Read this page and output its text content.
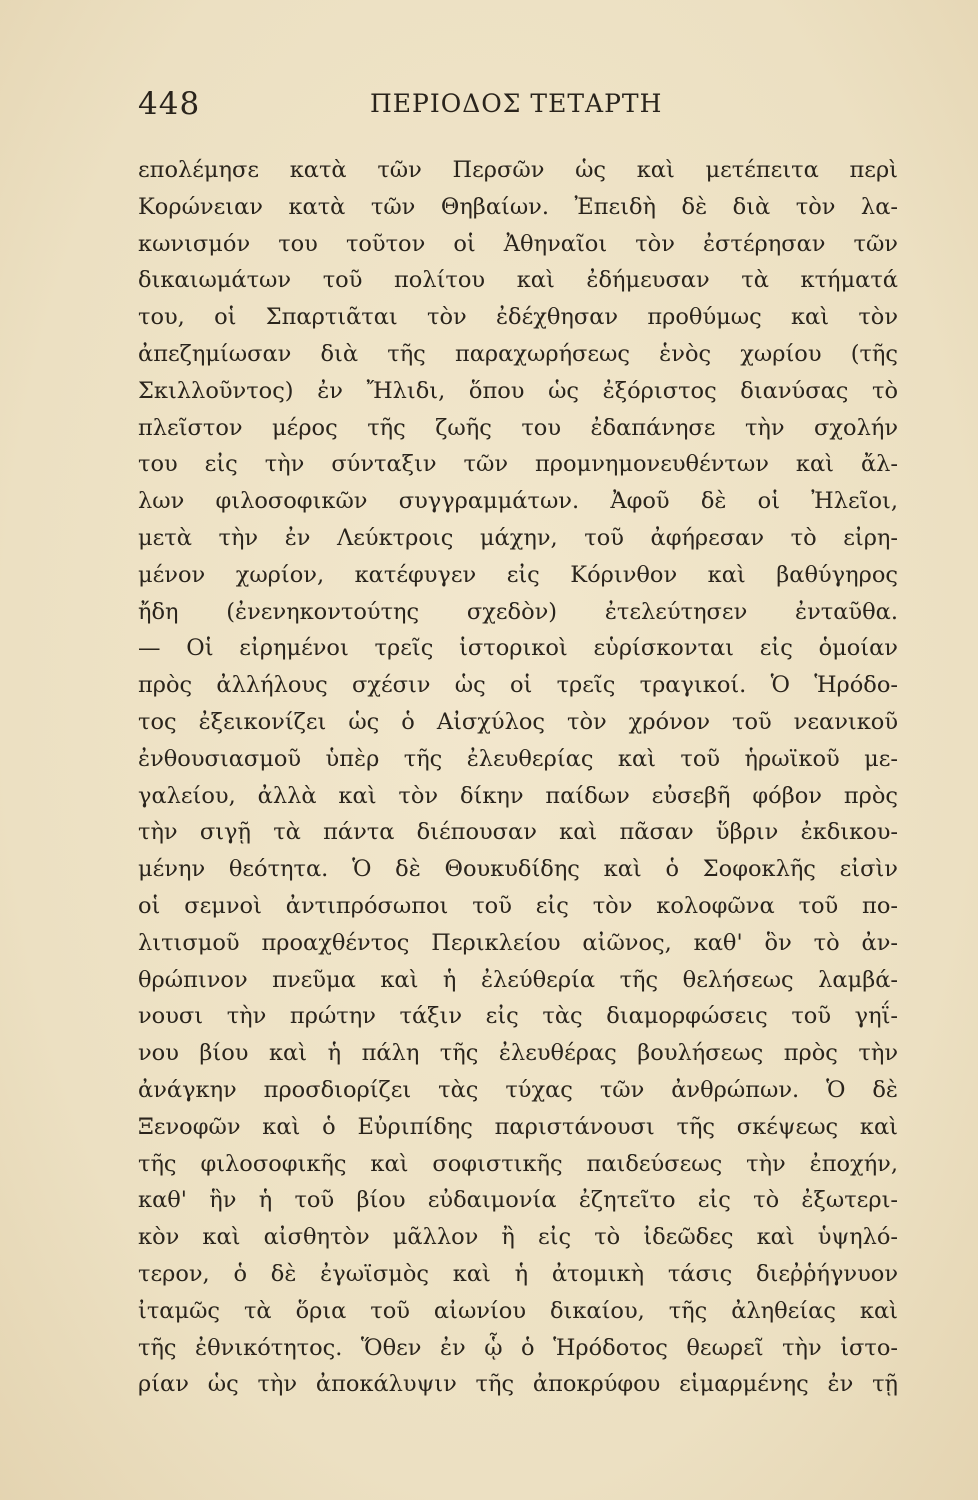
448	ΠΕΡΙΟΔΟΣ ΤΕΤΑΡΤΗ
επολέμησε κατὰ τῶν Περσῶν ὡς καὶ μετέπειτα περὶ
Κορώνειαν κατὰ τῶν Θηβαίων. Ἐπειδὴ δὲ διὰ τὸν λα-
κωνισμόν του τοῦτον οἱ Ἀθηναῖοι τὸν ἐστέρησαν τῶν
δικαιωμάτων τοῦ πολίτου καὶ ἐδήμευσαν τὰ κτήματά
του, οἱ Σπαρτιᾶται τὸν ἐδέχθησαν προθύμως καὶ τὸν
ἀπεζημίωσαν διὰ τῆς παραχωρήσεως ἑνὸς χωρίου (τῆς
Σκιλλοῦντος) ἐν Ἤλιδι, ὅπου ὡς ἐξόριστος διανύσας τὸ
πλεῖστον μέρος τῆς ζωῆς του ἐδαπάνησε τὴν σχολήν
του εἰς τὴν σύνταξιν τῶν προμνημονευθέντων καὶ ἄλ-
λων φιλοσοφικῶν συγγραμμάτων. Ἀφοῦ δὲ οἱ Ἠλεῖοι,
μετὰ τὴν ἐν Λεύκτροις μάχην, τοῦ ἀφήρεσαν τὸ εἰρη-
μένον χωρίον, κατέφυγεν εἰς Κόρινθον καὶ βαθύγηρος
ἤδη (ἐνενηκοντούτης σχεδὸν) ἐτελεύτησεν ἐνταῦθα.
— Οἱ εἰρημένοι τρεῖς ἱστορικοὶ εὑρίσκονται εἰς ὁμοίαν
πρὸς ἀλλήλους σχέσιν ὡς οἱ τρεῖς τραγικοί. Ὁ Ἡρόδο-
τος ἐξεικονίζει ὡς ὁ Αἰσχύλος τὸν χρόνον τοῦ νεανικοῦ
ἐνθουσιασμοῦ ὑπὲρ τῆς ἐλευθερίας καὶ τοῦ ἡρωϊκοῦ με-
γαλείου, ἀλλὰ καὶ τὸν δίκην παίδων εὐσεβῆ φόβον πρὸς
τὴν σιγῇ τὰ πάντα διέπουσαν καὶ πᾶσαν ὕβριν ἐκδικου-
μένην θεότητα. Ὁ δὲ Θουκυδίδης καὶ ὁ Σοφοκλῆς εἰσὶν
οἱ σεμνοὶ ἀντιπρόσωποι τοῦ εἰς τὸν κολοφῶνα τοῦ πο-
λιτισμοῦ προαχθέντος Περικλείου αἰῶνος, καθ' ὃν τὸ ἀν-
θρώπινον πνεῦμα καὶ ἡ ἐλεύθερία τῆς θελήσεως λαμβά-
νουσι τὴν πρώτην τάξιν εἰς τὰς διαμορφώσεις τοῦ γηΐ-
νου βίου καὶ ἡ πάλη τῆς ἐλευθέρας βουλήσεως πρὸς τὴν
ἀνάγκην προσδιορίζει τὰς τύχας τῶν ἀνθρώπων. Ὁ δὲ
Ξενοφῶν καὶ ὁ Εὐριπίδης παριστάνουσι τῆς σκέψεως καὶ
τῆς φιλοσοφικῆς καὶ σοφιστικῆς παιδεύσεως τὴν ἐποχήν,
καθ' ἣν ἡ τοῦ βίου εὐδαιμονία ἐζητεῖτο εἰς τὸ ἐξωτερι-
κὸν καὶ αἰσθητὸν μᾶλλον ἢ εἰς τὸ ἰδεῶδες καὶ ὑψηλό-
τερον, ὁ δὲ ἐγωϊσμὸς καὶ ἡ ἀτομικὴ τάσις διεῤῥήγνυον
ἰταμῶς τὰ ὅρια τοῦ αἰωνίου δικαίου, τῆς ἀληθείας καὶ
τῆς ἐθνικότητος. Ὅθεν ἐν ᾧ ὁ Ἡρόδοτος θεωρεῖ τὴν ἱστο-
ρίαν ὡς τὴν ἀποκάλυψιν τῆς ἀποκρύφου εἱμαρμένης ἐν τῇ
